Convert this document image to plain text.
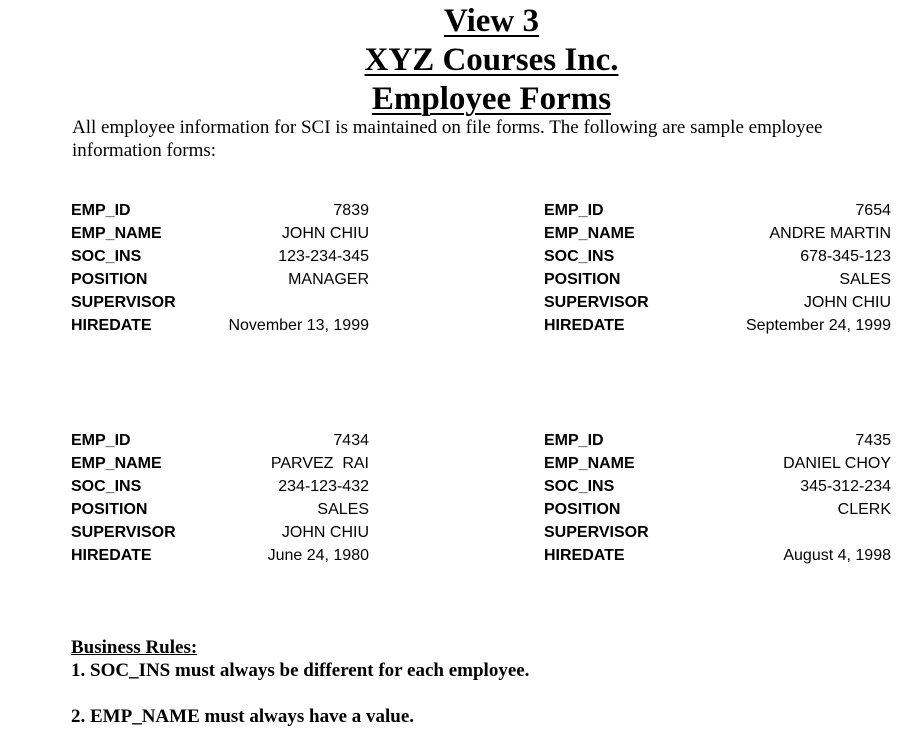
View 3
XYZ Courses Inc.
Employee Forms

All employee information for SCI is maintained on file forms. The following are sample employee information forms:

EMP_ID	7839
EMP_NAME	JOHN CHIU
SOC_INS	123-234-345
POSITION	MANAGER
SUPERVISOR
HIREDATE	November 13, 1999
EMP_ID	7654
EMP_NAME	ANDRE MARTIN
SOC_INS	678-345-123
POSITION	SALES
SUPERVISOR	JOHN CHIU
HIREDATE	September 24, 1999
EMP_ID	7434
EMP_NAME	PARVEZ  RAI
SOC_INS	234-123-432
POSITION	SALES
SUPERVISOR	JOHN CHIU
HIREDATE	June 24, 1980
EMP_ID	7435
EMP_NAME	DANIEL CHOY
SOC_INS	345-312-234
POSITION	CLERK
SUPERVISOR
HIREDATE	August 4, 1998

Business Rules:

1. SOC_INS must always be different for each employee.

2. EMP_NAME must always have a value.
